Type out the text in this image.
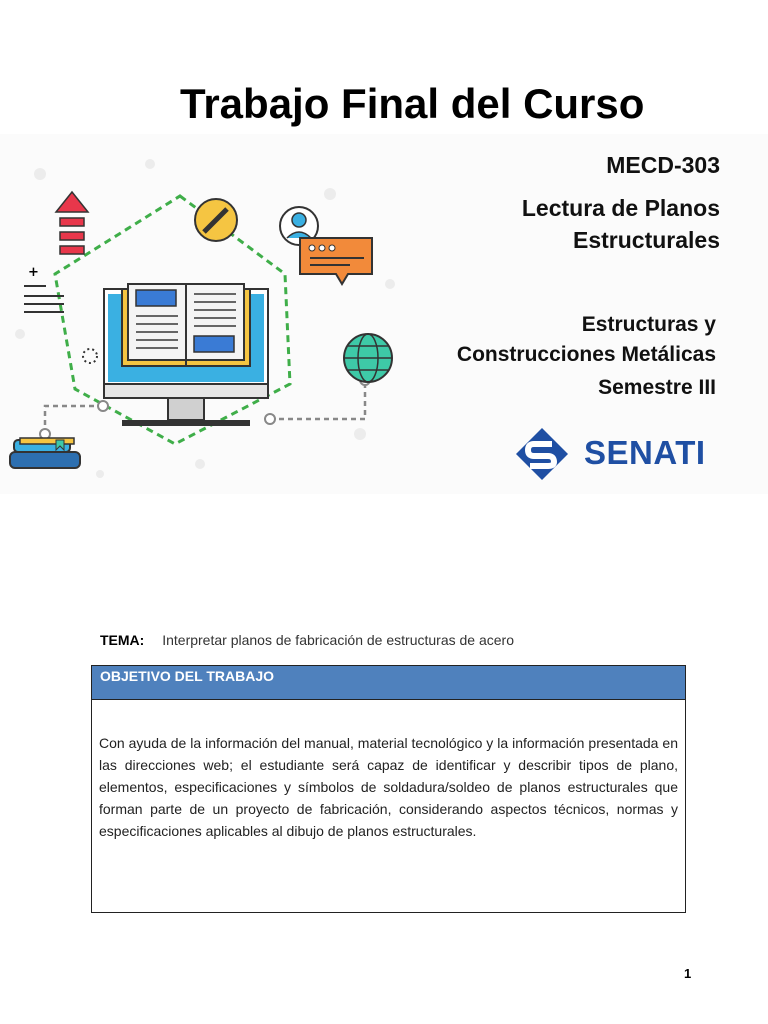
Trabajo Final del Curso
+
MECD-303
Lectura de Planos
Estructurales
Estructuras y
Construcciones Metálicas
Semestre III
SENATI
TEMA: Interpretar planos de fabricación de estructuras de acero
OBJETIVO DEL TRABAJO
Con ayuda de la información del manual, material tecnológico y la información presentada en las direcciones web; el estudiante será capaz de identificar y describir tipos de plano, elementos, especificaciones y símbolos de soldadura/soldeo de planos estructurales que forman parte de un proyecto de fabricación, considerando aspectos técnicos, normas y especificaciones aplicables al dibujo de planos estructurales.
1
